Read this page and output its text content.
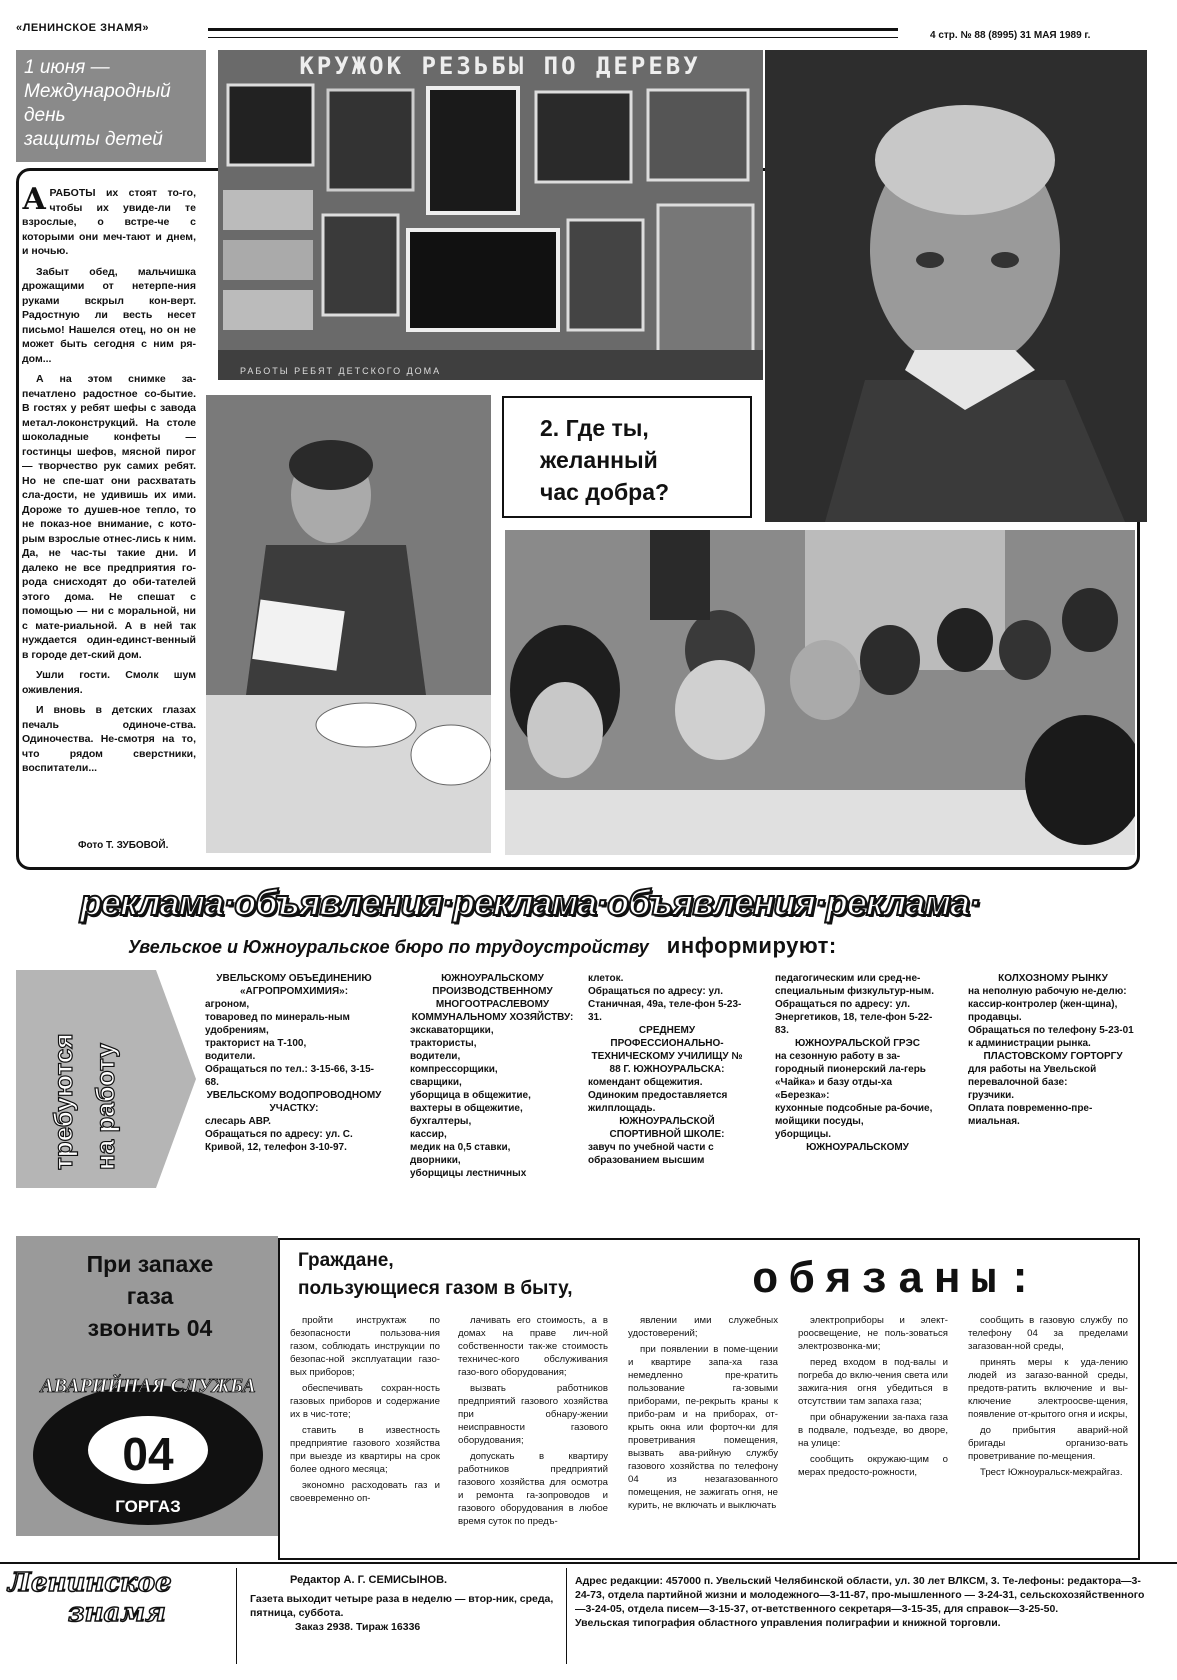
«ЛЕНИНСКОЕ ЗНАМЯ»
4 стр. № 88 (8995) 31 МАЯ 1989 г.
1 июня —
Международный
день
защиты детей

АРАБОТЫ их стоят то-го, чтобы их увиде-ли те взрослые, о встре-че с которыми они меч-тают и днем, и ночью.

Забыт обед, мальчишка дрожащими от нетерпе-ния руками вскрыл кон-верт. Радостную ли весть несет письмо! Нашелся отец, но он не может быть сегодня с ним ря-дом...

А на этом снимке за-печатлено радостное со-бытие. В гостях у ребят шефы с завода метал-локонструкций. На столе шоколадные конфеты — гостинцы шефов, мясной пирог — творчество рук самих ребят. Но не спе-шат они расхватать сла-дости, не удивишь их ими. Дороже то душев-ное тепло, то не показ-ное внимание, с кото-рым взрослые отнес-лись к ним. Да, не час-ты такие дни. И далеко не все предприятия го-рода снисходят до оби-тателей этого дома. Не спешат с помощью — ни с моральной, ни с мате-риальной. А в ней так нуждается один-единст-венный в городе дет-ский дом.

Ушли гости. Смолк шум оживления.

И вновь в детских глазах печаль одиноче-ства. Одиночества. Не-смотря на то, что рядом сверстники, воспитатели...

Фото Т. ЗУБОВОЙ.
КРУЖОК РЕЗЬБЫ ПО ДЕРЕВУ
РАБОТЫ РЕБЯТ ДЕТСКОГО ДОМА
2. Где ты,
желанный
час добра?
реклама·объявления·реклама·объявления·реклама·
Увельское и Южноуральское бюро по трудоустройству информируют:
требуются на работу
УВЕЛЬСКОМУ ОБЪЕДИНЕНИЮ «АГРОПРОМХИМИЯ»:
агроном,
товаровед по минераль-ным удобрениям,
тракторист на Т-100,
водители.
Обращаться по тел.: 3-15-66, 3-15-68.
УВЕЛЬСКОМУ ВОДОПРОВОДНОМУ УЧАСТКУ:
слесарь АВР.
Обращаться по адресу: ул. С. Кривой, 12, телефон 3-10-97.
ЮЖНОУРАЛЬСКОМУ ПРОИЗВОДСТВЕННОМУ МНОГООТРАСЛЕВОМУ КОММУНАЛЬНОМУ ХОЗЯЙСТВУ:
экскаваторщики,
трактористы,
водители,
компрессорщики,
сварщики,
уборщица в общежитие,
вахтеры в общежитие,
бухгалтеры,
кассир,
медик на 0,5 ставки,
дворники,
уборщицы лестничных
клеток.
Обращаться по адресу: ул. Станичная, 49а, теле-фон 5-23-31.
СРЕДНЕМУ ПРОФЕССИОНАЛЬНО-ТЕХНИЧЕСКОМУ УЧИЛИЩУ № 88 Г. ЮЖНОУРАЛЬСКА:
комендант общежития. Одиноким предоставляется жилплощадь.
ЮЖНОУРАЛЬСКОЙ СПОРТИВНОЙ ШКОЛЕ:
завуч по учебной части с образованием высшим
педагогическим или сред-не-специальным физкультур-ным.
Обращаться по адресу: ул. Энергетиков, 18, теле-фон 5-22-83.
ЮЖНОУРАЛЬСКОЙ ГРЭС
на сезонную работу в за-городный пионерский ла-герь «Чайка» и базу отды-ха «Березка»:
кухонные подсобные ра-бочие,
мойщики посуды,
уборщицы.
ЮЖНОУРАЛЬСКОМУ
КОЛХОЗНОМУ РЫНКУ
на неполную рабочую не-делю:
кассир-контролер (жен-щина),
продавцы.
Обращаться по телефону 5-23-01 к администрации рынка.
ПЛАСТОВСКОМУ ГОРТОРГУ
для работы на Увельской перевалочной базе:
грузчики.
Оплата повременно-пре-миальная.
При запахе
газа
звонить 04
04
АВАРИЙНАЯ СЛУЖБА
ГОРГАЗ
Граждане,
пользующиеся газом в быту,	обязаны:

пройти инструктаж по безопасности пользова-ния газом, соблюдать инструкции по безопас-ной эксплуатации газо-вых приборов;

обеспечивать сохран-ность газовых приборов и содержание их в чис-тоте;

ставить в известность предприятие газового хозяйства при выезде из квартиры на срок более одного месяца;

экономно расходовать газ и своевременно оп-

лачивать его стоимость, а в домах на праве лич-ной собственности так-же стоимость техничес-кого обслуживания газо-вого оборудования;

вызвать работников предприятий газового хозяйства при обнару-жении неисправности газового оборудования;

допускать в квартиру работников предприятий газового хозяйства для осмотра и ремонта га-зопроводов и газового оборудования в любое время суток по предъ-

явлении ими служебных удостоверений;

при появлении в поме-щении и квартире запа-ха газа немедленно пре-кратить пользование га-зовыми приборами, пе-рекрыть краны к прибо-рам и на приборах, от-крыть окна или форточ-ки для проветривания помещения, вызвать ава-рийную службу газового хозяйства по телефону 04 из незагазованного помещения, не зажигать огня, не курить, не включать и выключать

электроприборы и элект-роосвещение, не поль-зоваться электрозвонка-ми;

перед входом в под-валы и погреба до вклю-чения света или зажига-ния огня убедиться в отсутствии там запаха газа;

при обнаружении за-паха газа в подвале, подъезде, во дворе, на улице:

сообщить окружаю-щим о мерах предосто-рожности,

сообщить в газовую службу по телефону 04 за пределами загазован-ной среды,

принять меры к уда-лению людей из загазо-ванной среды, предотв-ратить включение и вы-ключение электроосве-щения, появление от-крытого огня и искры,

до прибытия аварий-ной бригады организо-вать проветривание по-мещения.

Трест Южноуральск-межрайгаз.

Ленинское
знамя
Редактор А. Г. СЕМИСЫНОВ.
Газета выходит четыре раза в неделю — втор-ник, среда, пятница, суббота.
Заказ 2938. Тираж 16336
Адрес редакции: 457000 п. Увельский Челябинской области, ул. 30 лет ВЛКСМ, 3. Те-лефоны: редактора—3-24-73, отдела партийной жизни и молодежного—3-11-87, про-мышленного — 3-24-31, сельскохозяйственного—3-24-05, отдела писем—3-15-37, от-ветственного секретаря—3-15-35, для справок—3-25-50.
Увельская типография областного управления полиграфии и книжной торговли.
